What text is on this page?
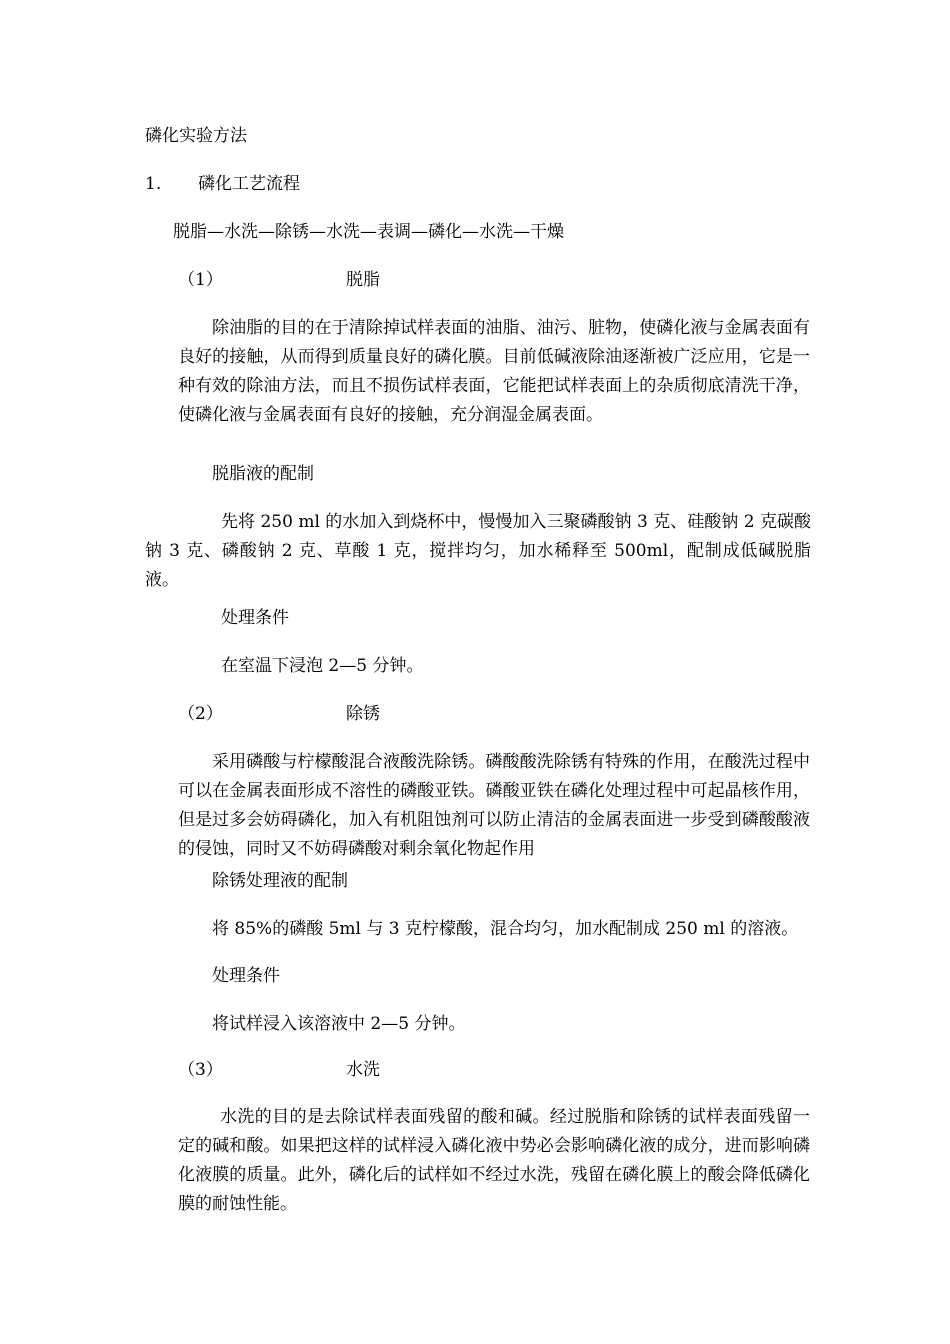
磷化实验方法
1. 磷化工艺流程
脱脂—水洗—除锈—水洗—表调—磷化—水洗—干燥
（1）	脱脂
除油脂的目的在于清除掉试样表面的油脂、油污、脏物，使磷化液与金属表面有良好的接触，从而得到质量良好的磷化膜。目前低碱液除油逐渐被广泛应用，它是一种有效的除油方法，而且不损伤试样表面，它能把试样表面上的杂质彻底清洗干净，使磷化液与金属表面有良好的接触，充分润湿金属表面。
脱脂液的配制
先将 250 ml 的水加入到烧杯中，慢慢加入三聚磷酸钠 3 克、硅酸钠 2 克碳酸钠 3 克、磷酸钠 2 克、草酸 1 克，搅拌均匀，加水稀释至 500ml，配制成低碱脱脂液。
处理条件
在室温下浸泡 2—5 分钟。
（2）	除锈
采用磷酸与柠檬酸混合液酸洗除锈。磷酸酸洗除锈有特殊的作用，在酸洗过程中可以在金属表面形成不溶性的磷酸亚铁。磷酸亚铁在磷化处理过程中可起晶核作用，但是过多会妨碍磷化，加入有机阻蚀剂可以防止清洁的金属表面进一步受到磷酸酸液的侵蚀，同时又不妨碍磷酸对剩余氧化物起作用
除锈处理液的配制
将 85%的磷酸 5ml 与 3 克柠檬酸，混合均匀，加水配制成 250 ml 的溶液。
处理条件
将试样浸入该溶液中 2—5 分钟。
（3）	水洗
水洗的目的是去除试样表面残留的酸和碱。经过脱脂和除锈的试样表面残留一定的碱和酸。如果把这样的试样浸入磷化液中势必会影响磷化液的成分，进而影响磷化液膜的质量。此外，磷化后的试样如不经过水洗，残留在磷化膜上的酸会降低磷化膜的耐蚀性能。
